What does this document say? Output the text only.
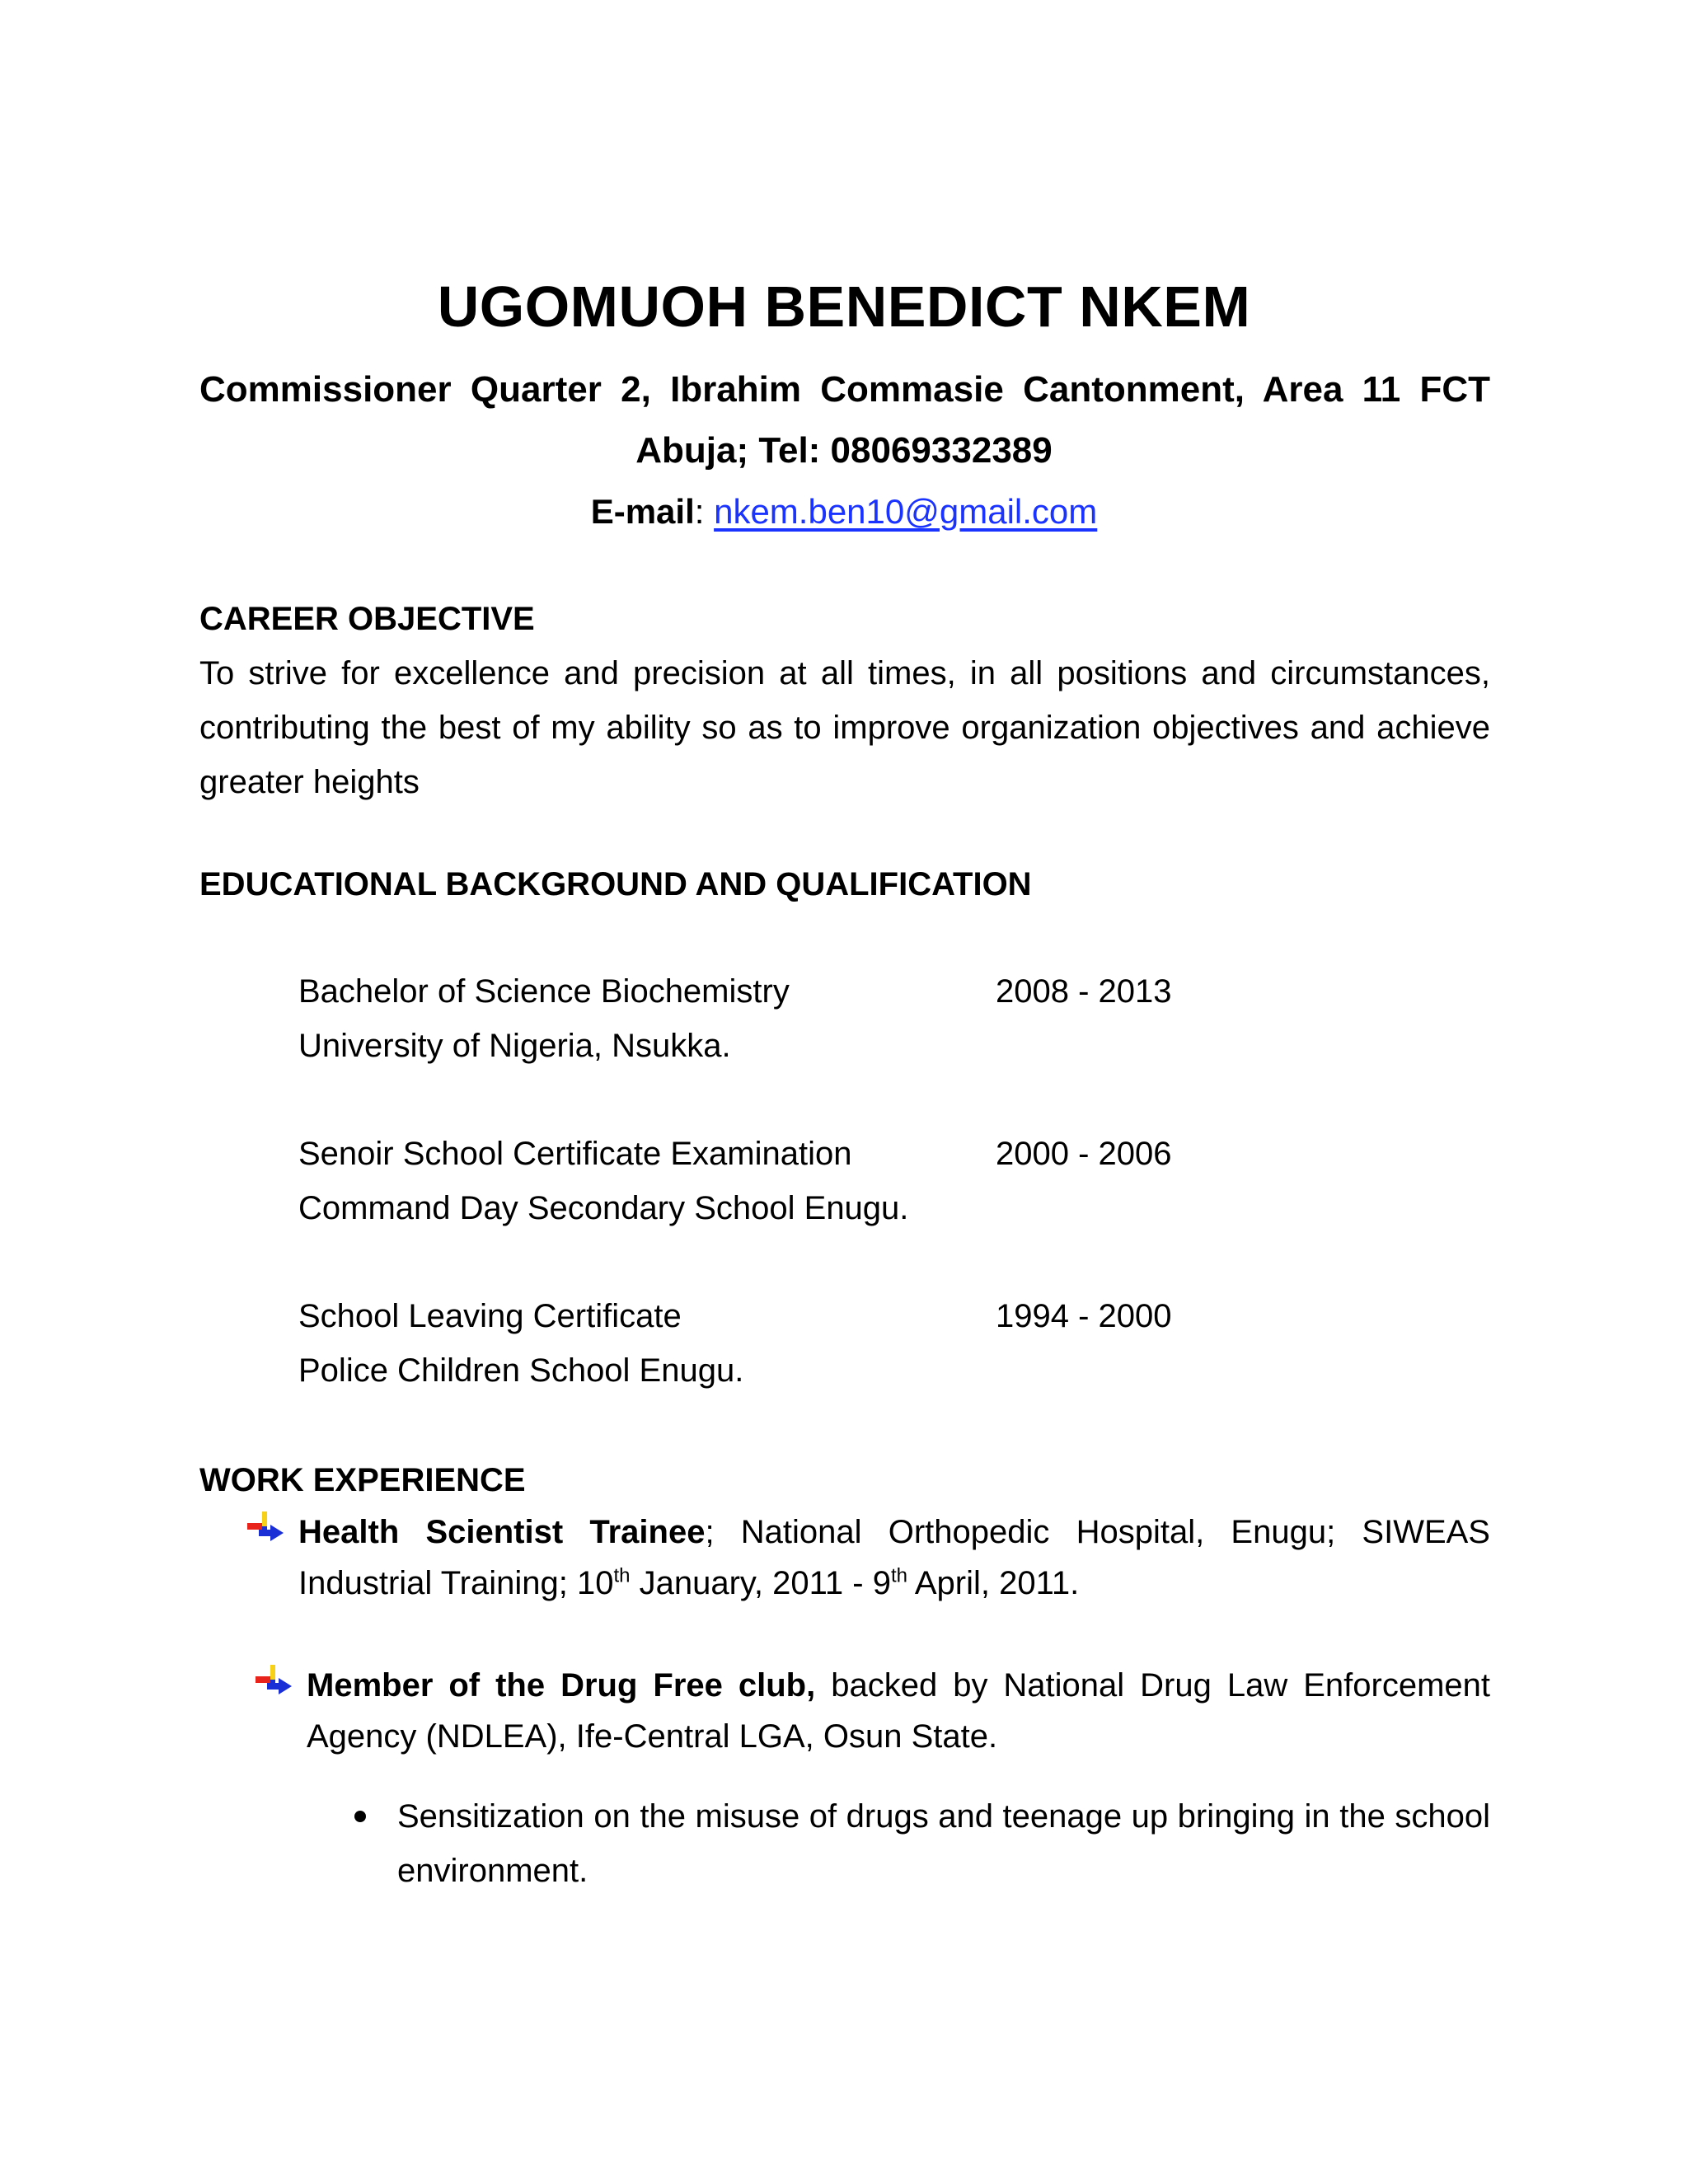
UGOMUOH BENEDICT NKEM
Commissioner Quarter 2, Ibrahim Commasie Cantonment, Area 11 FCT
Abuja; Tel: 08069332389
E-mail: nkem.ben10@gmail.com
CAREER OBJECTIVE
To strive for excellence and precision at all times, in all positions and circumstances, contributing the best of my ability so as to improve organization objectives and achieve greater heights
EDUCATIONAL BACKGROUND AND QUALIFICATION
Bachelor of Science Biochemistry	2008 - 2013
University of Nigeria, Nsukka.
Senoir School Certificate Examination	2000 - 2006
Command Day Secondary School Enugu.
School Leaving Certificate	1994 - 2000
Police Children School Enugu.
WORK EXPERIENCE
Health Scientist Trainee; National Orthopedic Hospital, Enugu; SIWEAS Industrial Training; 10th January, 2011 - 9th April, 2011.
Member of the Drug Free club, backed by National Drug Law Enforcement Agency (NDLEA), Ife-Central LGA, Osun State.
Sensitization on the misuse of drugs and teenage up bringing in the school environment.
